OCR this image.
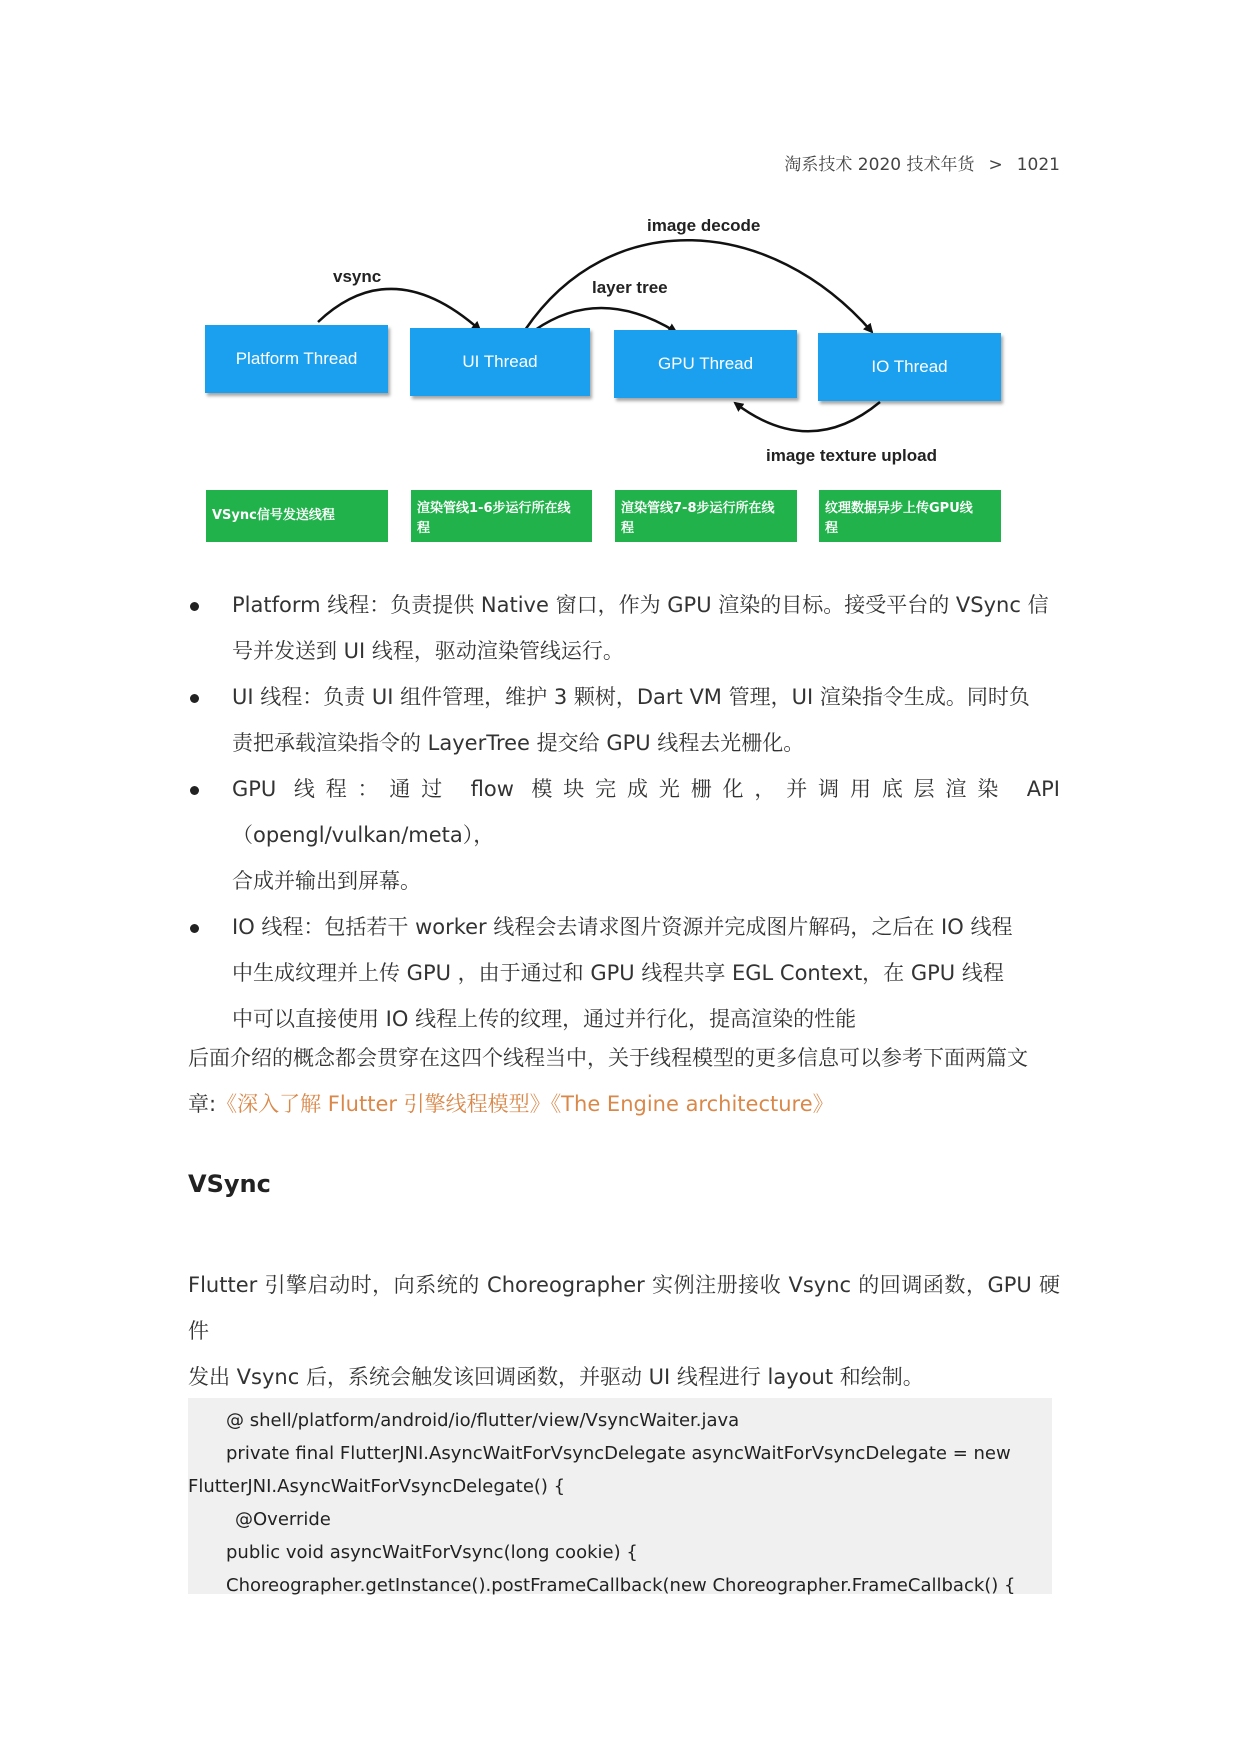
淘系技术 2020 技术年货 > 1021
vsync
layer tree
image decode
image texture upload
Platform Thread	UI Thread	GPU Thread	IO Thread
VSync信号发送线程	渲染管线1-6步运行所在线
程
渲染管线7-8步运行所在线
程
纹理数据异步上传GPU线
程
Platform 线程：负责提供 Native 窗口，作为 GPU 渲染的目标。接受平台的 VSync 信
号并发送到 UI 线程，驱动渲染管线运行。
UI 线程：负责 UI 组件管理，维护 3 颗树，Dart VM 管理，UI 渲染指令生成。同时负
责把承载渲染指令的 LayerTree 提交给 GPU 线程去光栅化。
GPU 线程：通过 flow 模块完成光栅化，并调用底层渲染 API（opengl/vulkan/meta），
合成并输出到屏幕。
IO 线程：包括若干 worker 线程会去请求图片资源并完成图片解码，之后在 IO 线程
中生成纹理并上传 GPU ，由于通过和 GPU 线程共享 EGL Context，在 GPU 线程
中可以直接使用 IO 线程上传的纹理，通过并行化，提高渲染的性能
后面介绍的概念都会贯穿在这四个线程当中，关于线程模型的更多信息可以参考下面两篇文
章:《深入了解 Flutter 引擎线程模型》《The Engine architecture》
VSync
Flutter 引擎启动时，向系统的 Choreographer 实例注册接收 Vsync 的回调函数，GPU 硬件
发出 Vsync 后，系统会触发该回调函数，并驱动 UI 线程进行 layout 和绘制。
@ shell/platform/android/io/flutter/view/VsyncWaiter.java
private final FlutterJNI.AsyncWaitForVsyncDelegate asyncWaitForVsyncDelegate = new
FlutterJNI.AsyncWaitForVsyncDelegate() {
@Override
public void asyncWaitForVsync(long cookie) {
Choreographer.getInstance().postFrameCallback(new Choreographer.FrameCallback() {
